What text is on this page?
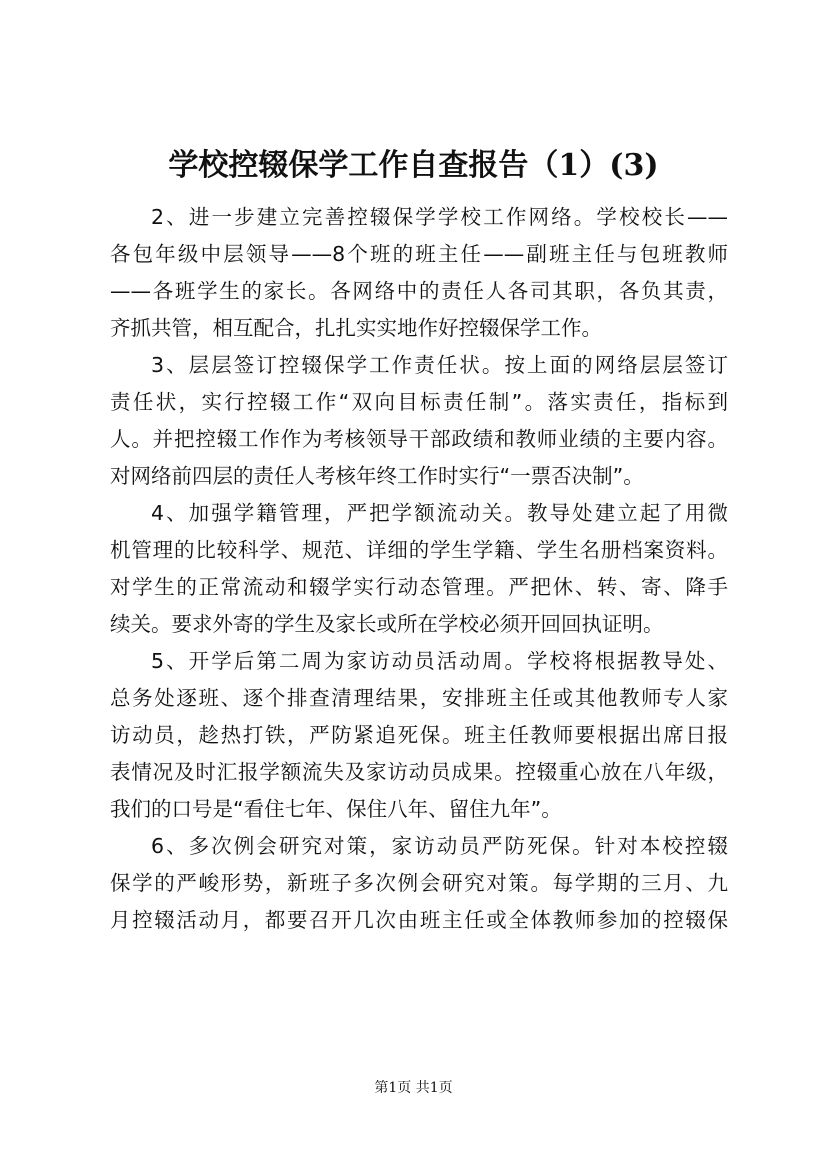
学校控辍保学工作自查报告（1）(3)

2、进一步建立完善控辍保学学校工作网络。学校校长——
各包年级中层领导——8个班的班主任——副班主任与包班教师
——各班学生的家长。各网络中的责任人各司其职，各负其责，
齐抓共管，相互配合，扎扎实实地作好控辍保学工作。

3、层层签订控辍保学工作责任状。按上面的网络层层签订
责任状，实行控辍工作“双向目标责任制”。落实责任，指标到
人。并把控辍工作作为考核领导干部政绩和教师业绩的主要内容。
对网络前四层的责任人考核年终工作时实行“一票否决制”。

4、加强学籍管理，严把学额流动关。教导处建立起了用微
机管理的比较科学、规范、详细的学生学籍、学生名册档案资料。
对学生的正常流动和辍学实行动态管理。严把休、转、寄、降手
续关。要求外寄的学生及家长或所在学校必须开回回执证明。

5、开学后第二周为家访动员活动周。学校将根据教导处、
总务处逐班、逐个排查清理结果，安排班主任或其他教师专人家
访动员，趁热打铁，严防紧追死保。班主任教师要根据出席日报
表情况及时汇报学额流失及家访动员成果。控辍重心放在八年级，
我们的口号是“看住七年、保住八年、留住九年”。

6、多次例会研究对策，家访动员严防死保。针对本校控辍
保学的严峻形势，新班子多次例会研究对策。每学期的三月、九
月控辍活动月，都要召开几次由班主任或全体教师参加的控辍保

第1页 共1页
